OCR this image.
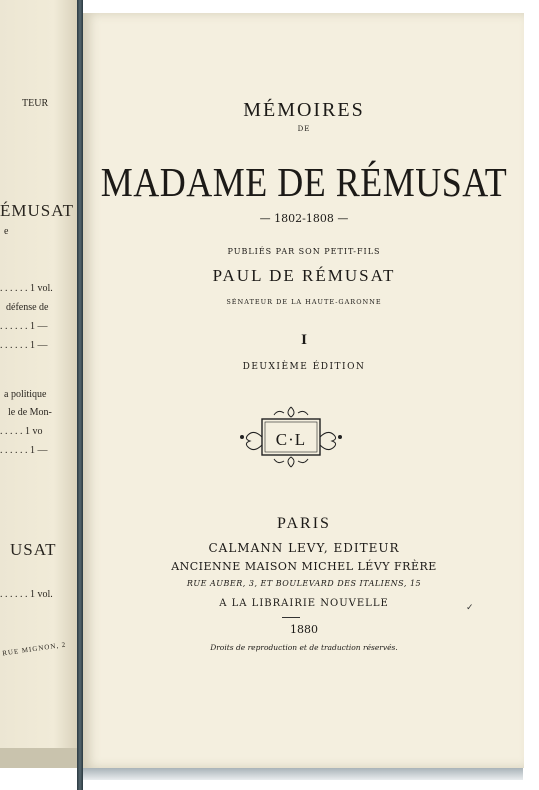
TEUR
ÉMUSAT
e
. . . . . . 1 vol.
défense de
. . . . . . 1 —
. . . . . . 1 —
a politique
le de Mon-
. . . . . 1 vo
. . . . . . 1 —
USAT
. . . . . . 1 vol.
RUE MIGNON, 2
MÉMOIRES
DE
MADAME DE RÉMUSAT
— 1802-1808 —
PUBLIÉS PAR SON PETIT-FILS
PAUL DE RÉMUSAT
SÉNATEUR DE LA HAUTE-GARONNE
I
DEUXIÈME ÉDITION
C·L
PARIS
CALMANN LEVY, EDITEUR
ANCIENNE MAISON MICHEL LÉVY FRÈRE
RUE AUBER, 3, ET BOULEVARD DES ITALIENS, 15
A LA LIBRAIRIE NOUVELLE
1880
Droits de reproduction et de traduction réservés.
✓
